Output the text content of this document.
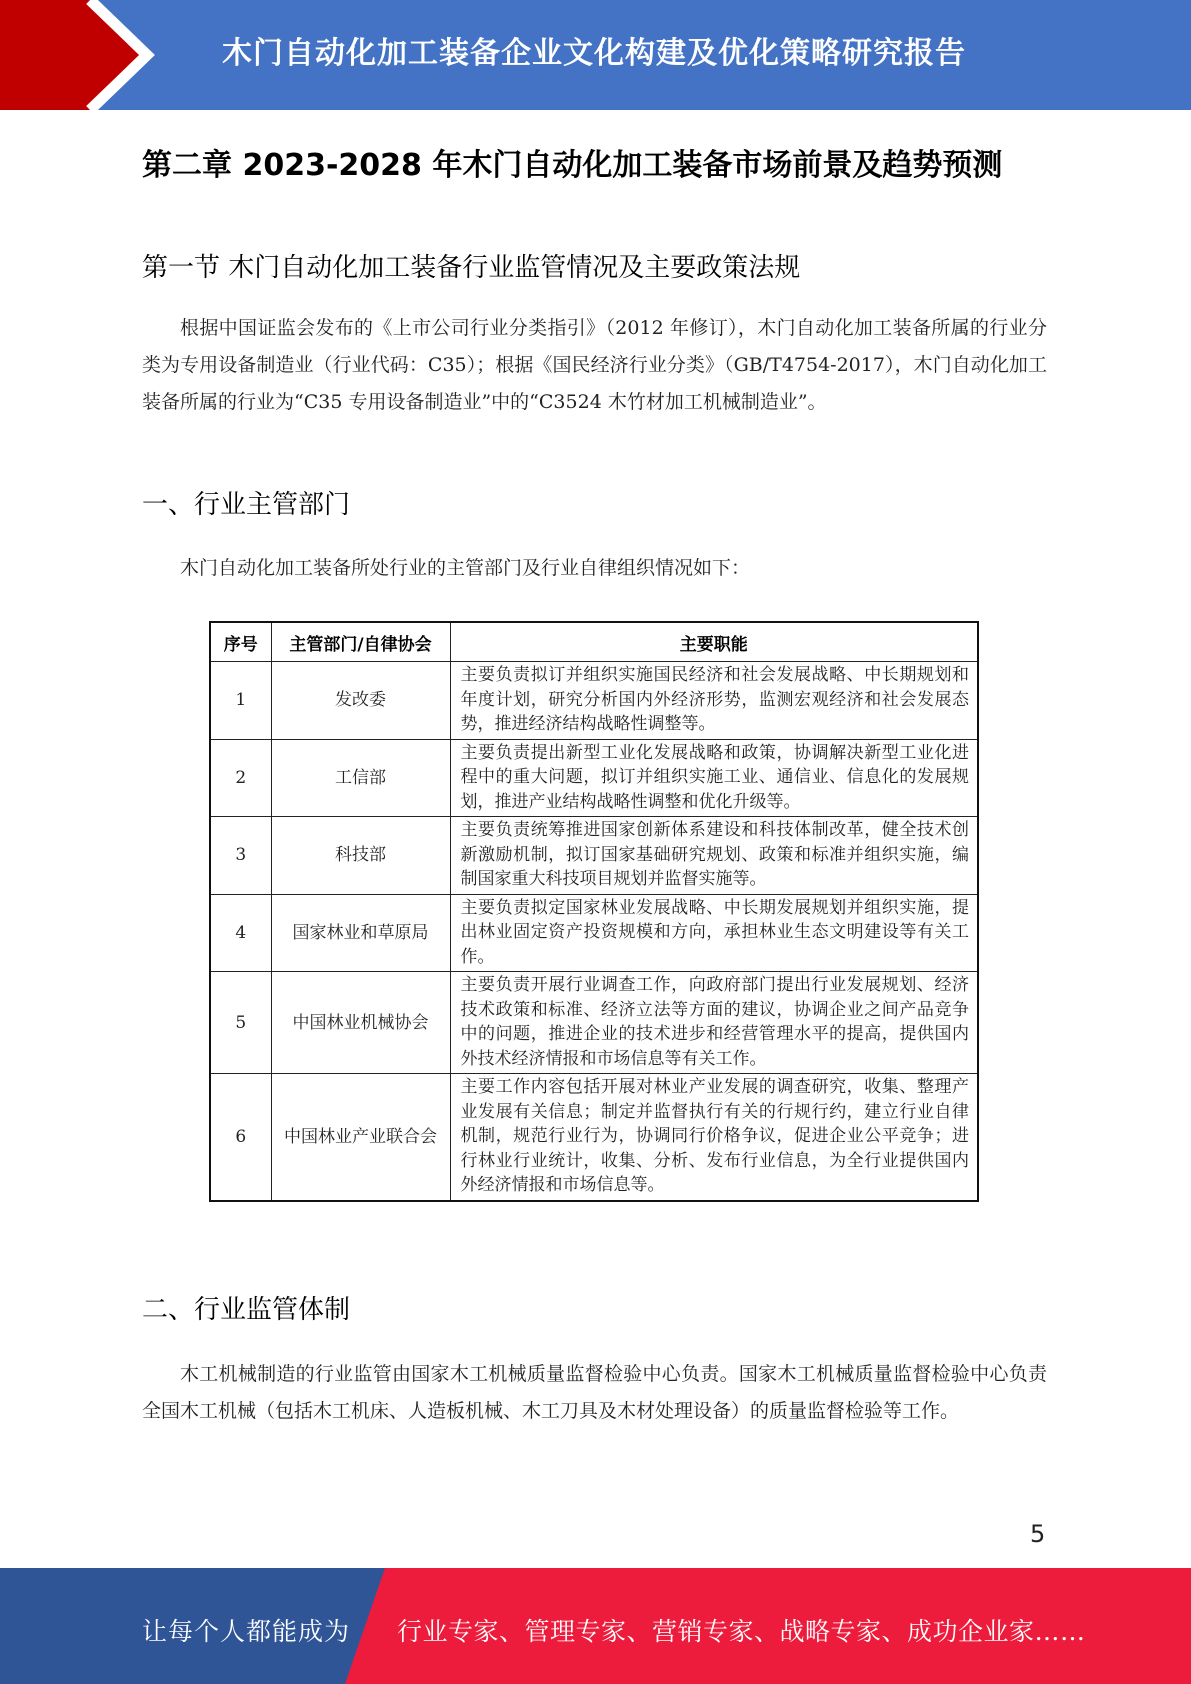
木门自动化加工装备企业文化构建及优化策略研究报告
第二章 2023-2028 年木门自动化加工装备市场前景及趋势预测
第一节 木门自动化加工装备行业监管情况及主要政策法规
根据中国证监会发布的《上市公司行业分类指引》（2012 年修订），木门自动化加工装备所属的行业分类为专用设备制造业（行业代码：C35）；根据《国民经济行业分类》（GB/T4754-2017），木门自动化加工装备所属的行业为“C35 专用设备制造业”中的“C3524 木竹材加工机械制造业”。
一、行业主管部门
木门自动化加工装备所处行业的主管部门及行业自律组织情况如下：
序号	主管部门/自律协会	主要职能
1	发改委	主要负责拟订并组织实施国民经济和社会发展战略、中长期规划和年度计划，研究分析国内外经济形势，监测宏观经济和社会发展态势，推进经济结构战略性调整等。
2	工信部	主要负责提出新型工业化发展战略和政策，协调解决新型工业化进程中的重大问题，拟订并组织实施工业、通信业、信息化的发展规划，推进产业结构战略性调整和优化升级等。
3	科技部	主要负责统筹推进国家创新体系建设和科技体制改革，健全技术创新激励机制，拟订国家基础研究规划、政策和标准并组织实施，编制国家重大科技项目规划并监督实施等。
4	国家林业和草原局	主要负责拟定国家林业发展战略、中长期发展规划并组织实施，提出林业固定资产投资规模和方向，承担林业生态文明建设等有关工作。
5	中国林业机械协会	主要负责开展行业调查工作，向政府部门提出行业发展规划、经济技术政策和标准、经济立法等方面的建议，协调企业之间产品竞争中的问题，推进企业的技术进步和经营管理水平的提高，提供国内外技术经济情报和市场信息等有关工作。
6	中国林业产业联合会	主要工作内容包括开展对林业产业发展的调查研究，收集、整理产业发展有关信息；制定并监督执行有关的行规行约，建立行业自律机制，规范行业行为，协调同行价格争议，促进企业公平竞争；进行林业行业统计，收集、分析、发布行业信息，为全行业提供国内外经济情报和市场信息等。
二、行业监管体制
木工机械制造的行业监管由国家木工机械质量监督检验中心负责。国家木工机械质量监督检验中心负责全国木工机械（包括木工机床、人造板机械、木工刀具及木材处理设备）的质量监督检验等工作。
5
让每个人都能成为 行业专家、管理专家、营销专家、战略专家、成功企业家……
